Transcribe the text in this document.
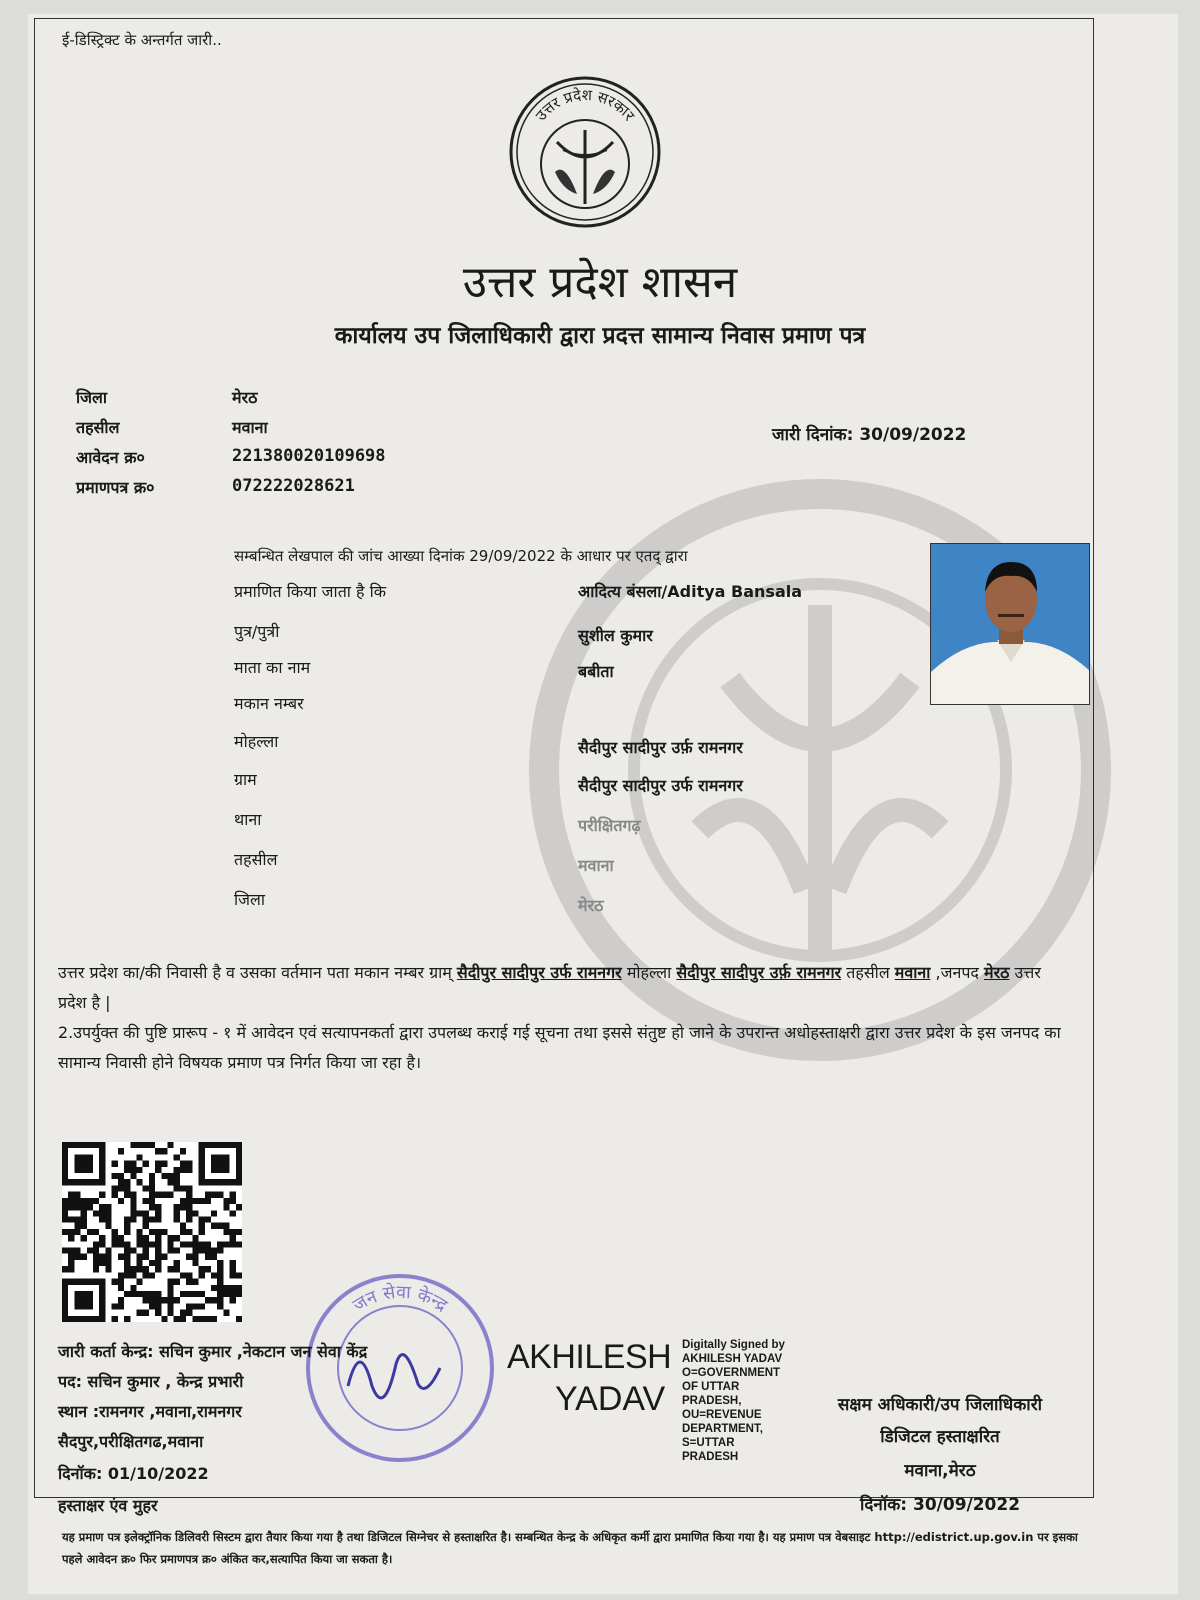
ई-डिस्ट्रिक्ट के अन्तर्गत जारी..
उत्तर प्रदेश सरकार
उत्तर प्रदेश शासन
कार्यालय उप जिलाधिकारी द्वारा प्रदत्त सामान्य निवास प्रमाण पत्र
जिला	मेरठ
तहसील	मवाना
आवेदन क्र०	221380020109698
प्रमाणपत्र क्र०	072222028621
जारी दिनांक: 30/09/2022
सम्बन्धित लेखपाल की जांच आख्या दिनांक 29/09/2022 के आधार पर एतद् द्वारा
प्रमाणित किया जाता है कि	आदित्य बंसला/Aditya Bansala
पुत्र/पुत्री	सुशील कुमार
माता का नाम	बबीता
मकान नम्बर
मोहल्ला	सैदीपुर सादीपुर उर्फ़ रामनगर
ग्राम	सैदीपुर सादीपुर उर्फ रामनगर
थाना	परीक्षितगढ़
तहसील	मवाना
जिला	मेरठ
उत्तर प्रदेश का/की निवासी है व उसका वर्तमान पता मकान नम्बर ग्राम् सैदीपुर सादीपुर उर्फ रामनगर मोहल्ला सैदीपुर सादीपुर उर्फ़ रामनगर तहसील मवाना ,जनपद मेरठ उत्तर प्रदेश है |
2.उपर्युक्त की पुष्टि प्रारूप - १ में आवेदन एवं सत्यापनकर्ता द्वारा उपलब्ध कराई गई सूचना तथा इससे संतुष्ट हो जाने के उपरान्त अधोहस्ताक्षरी द्वारा उत्तर प्रदेश के इस जनपद का सामान्य निवासी होने विषयक प्रमाण पत्र निर्गत किया जा रहा है।
जन सेवा केन्द्र
जारी कर्ता केन्द्र: सचिन कुमार ,नेकटान जन सेवा केंद्र
पद: सचिन कुमार , केन्द्र प्रभारी
स्थान :रामनगर ,मवाना,रामनगर
सैदपुर,परीक्षितगढ,मवाना
दिनॉक: 01/10/2022
हस्ताक्षर एंव मुहर
AKHILESH
YADAV
Digitally Signed by
AKHILESH YADAV
O=GOVERNMENT
OF UTTAR
PRADESH,
OU=REVENUE
DEPARTMENT,
S=UTTAR
PRADESH
सक्षम अधिकारी/उप जिलाधिकारी
डिजिटल हस्ताक्षरित
मवाना,मेरठ
दिनॉक: 30/09/2022
यह प्रमाण पत्र इलेक्ट्रॉनिक डिलिवरी सिस्टम द्वारा तैयार किया गया है तथा डिजिटल सिग्नेचर से हस्ताक्षरित है। सम्बन्धित केन्द्र के अधिकृत कर्मी द्वारा प्रमाणित किया गया है। यह प्रमाण पत्र वेबसाइट http://edistrict.up.gov.in पर इसका पहले आवेदन क्र० फिर प्रमाणपत्र क्र० अंकित कर,सत्यापित किया जा सकता है।
